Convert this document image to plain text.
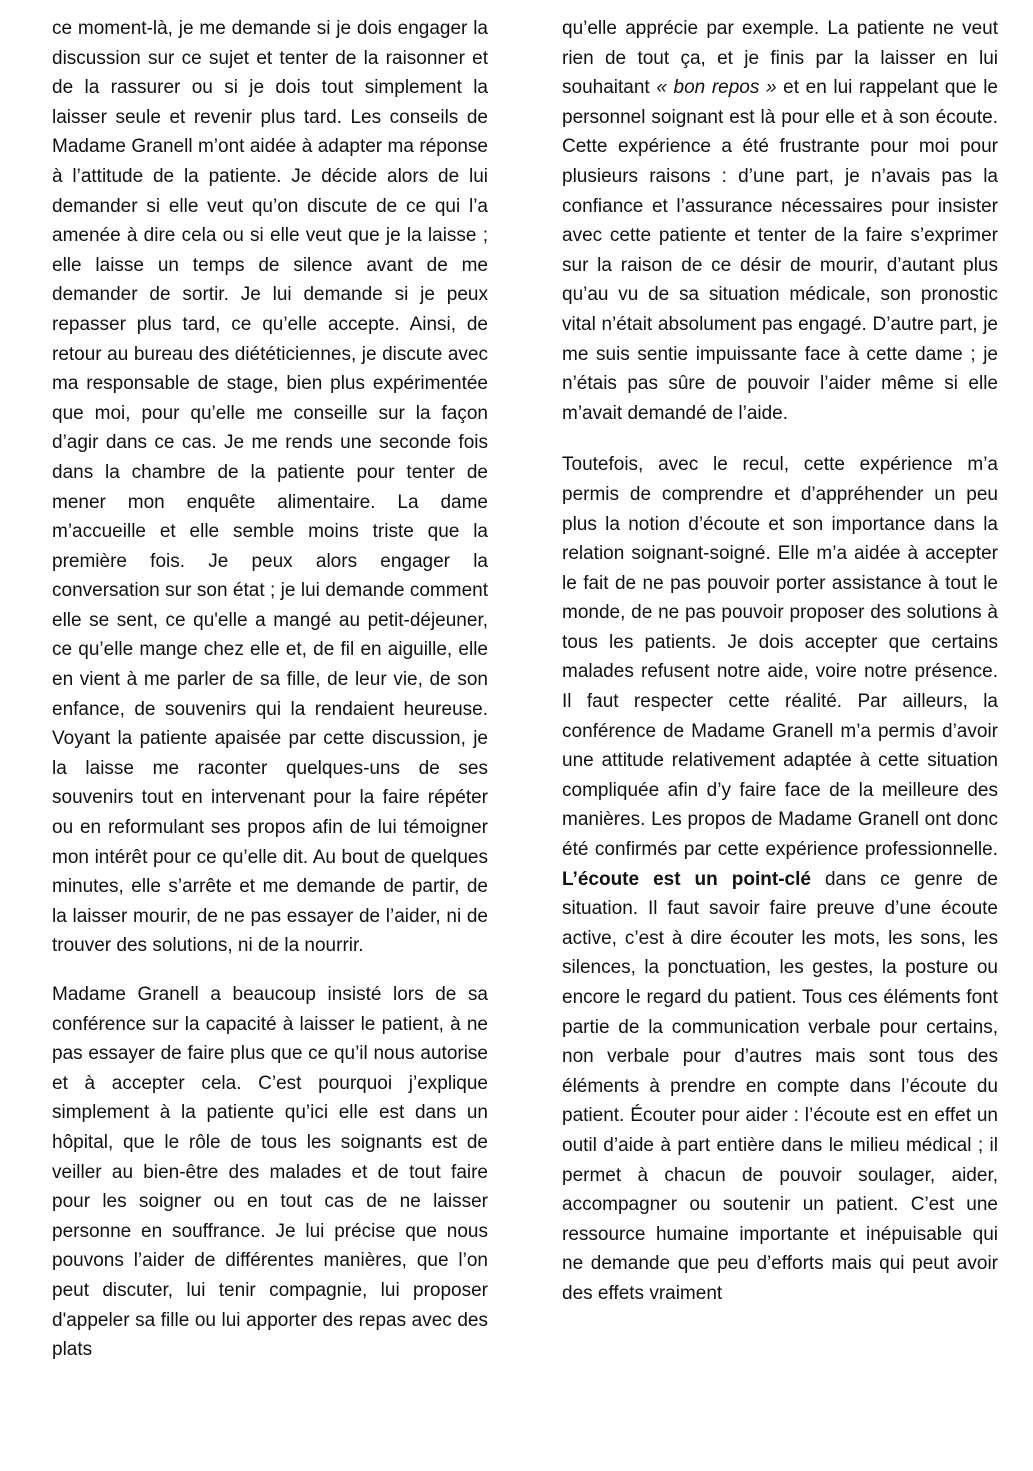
ce moment-là, je me demande si je dois engager la discussion sur ce sujet et tenter de la raisonner et de la rassurer ou si je dois tout simplement la laisser seule et revenir plus tard. Les conseils de Madame Granell m’ont aidée à adapter ma réponse à l’attitude de la patiente. Je décide alors de lui demander si elle veut qu’on discute de ce qui l’a amenée à dire cela ou si elle veut que je la laisse ; elle laisse un temps de silence avant de me demander de sortir. Je lui demande si je peux repasser plus tard, ce qu’elle accepte. Ainsi, de retour au bureau des diététiciennes, je discute avec ma responsable de stage, bien plus expérimentée que moi, pour qu’elle me conseille sur la façon d’agir dans ce cas. Je me rends une seconde fois dans la chambre de la patiente pour tenter de mener mon enquête alimentaire. La dame m’accueille et elle semble moins triste que la première fois. Je peux alors engager la conversation sur son état ; je lui demande comment elle se sent, ce qu'elle a mangé au petit-déjeuner, ce qu’elle mange chez elle et, de fil en aiguille, elle en vient à me parler de sa fille, de leur vie, de son enfance, de souvenirs qui la rendaient heureuse. Voyant la patiente apaisée par cette discussion, je la laisse me raconter quelques-uns de ses souvenirs tout en intervenant pour la faire répéter ou en reformulant ses propos afin de lui témoigner mon intérêt pour ce qu’elle dit. Au bout de quelques minutes, elle s’arrête et me demande de partir, de la laisser mourir, de ne pas essayer de l’aider, ni de trouver des solutions, ni de la nourrir.

Madame Granell a beaucoup insisté lors de sa conférence sur la capacité à laisser le patient, à ne pas essayer de faire plus que ce qu’il nous autorise et à accepter cela. C’est pourquoi j’explique simplement à la patiente qu’ici elle est dans un hôpital, que le rôle de tous les soignants est de veiller au bien-être des malades et de tout faire pour les soigner ou en tout cas de ne laisser personne en souffrance. Je lui précise que nous pouvons l’aider de différentes manières, que l’on peut discuter, lui tenir compagnie, lui proposer d'appeler sa fille ou lui apporter des repas avec des plats

qu’elle apprécie par exemple. La patiente ne veut rien de tout ça, et je finis par la laisser en lui souhaitant « bon repos » et en lui rappelant que le personnel soignant est là pour elle et à son écoute. Cette expérience a été frustrante pour moi pour plusieurs raisons : d’une part, je n’avais pas la confiance et l’assurance nécessaires pour insister avec cette patiente et tenter de la faire s’exprimer sur la raison de ce désir de mourir, d’autant plus qu’au vu de sa situation médicale, son pronostic vital n’était absolument pas engagé. D’autre part, je me suis sentie impuissante face à cette dame ; je n’étais pas sûre de pouvoir l’aider même si elle m’avait demandé de l’aide.

Toutefois, avec le recul, cette expérience m’a permis de comprendre et d’appréhender un peu plus la notion d’écoute et son importance dans la relation soignant-soigné. Elle m’a aidée à accepter le fait de ne pas pouvoir porter assistance à tout le monde, de ne pas pouvoir proposer des solutions à tous les patients. Je dois accepter que certains malades refusent notre aide, voire notre présence. Il faut respecter cette réalité. Par ailleurs, la conférence de Madame Granell m’a permis d’avoir une attitude relativement adaptée à cette situation compliquée afin d’y faire face de la meilleure des manières. Les propos de Madame Granell ont donc été confirmés par cette expérience professionnelle. L’écoute est un point-clé dans ce genre de situation. Il faut savoir faire preuve d’une écoute active, c’est à dire écouter les mots, les sons, les silences, la ponctuation, les gestes, la posture ou encore le regard du patient. Tous ces éléments font partie de la communication verbale pour certains, non verbale pour d’autres mais sont tous des éléments à prendre en compte dans l’écoute du patient. Écouter pour aider : l’écoute est en effet un outil d’aide à part entière dans le milieu médical ; il permet à chacun de pouvoir soulager, aider, accompagner ou soutenir un patient. C’est une ressource humaine importante et inépuisable qui ne demande que peu d’efforts mais qui peut avoir des effets vraiment
